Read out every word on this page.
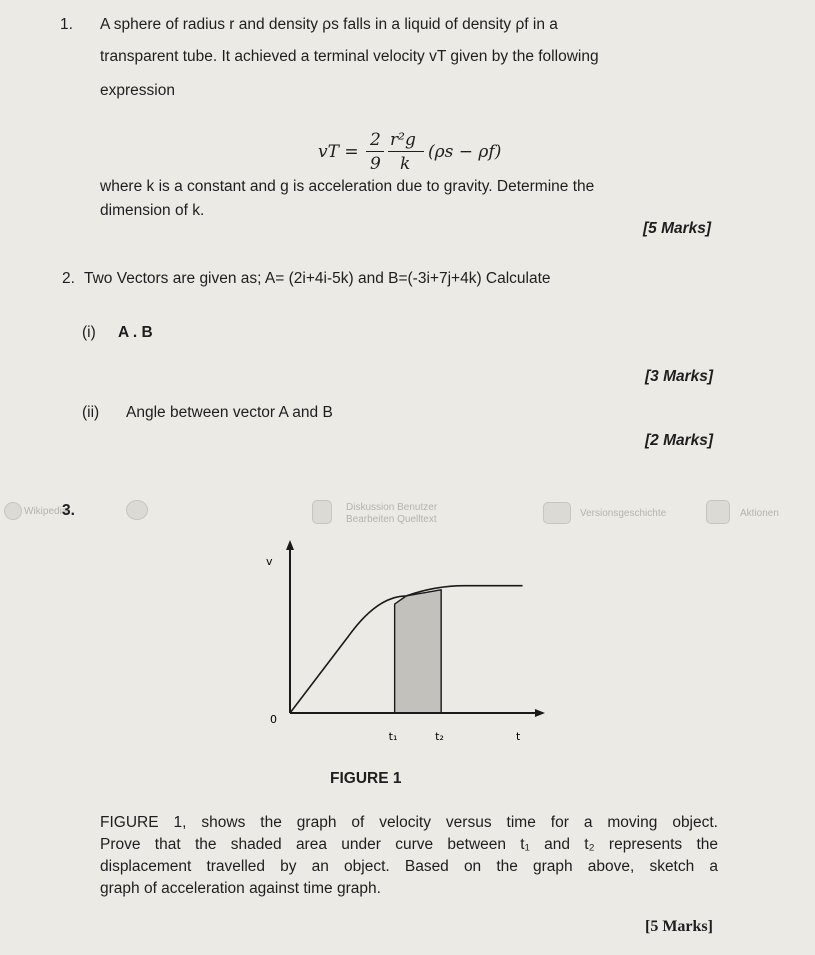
1. A sphere of radius r and density ρs falls in a liquid of density ρf in a
transparent tube. It achieved a terminal velocity vT given by the following
expression
vT =
2
9
r²g
k
(ρs − ρf)
where k is a constant and g is acceleration due to gravity. Determine the
dimension of k.
[5 Marks]
2. Two Vectors are given as; A= (2i+4i-5k) and B=(-3i+7j+4k) Calculate
(i) A . B
[3 Marks]
(ii) Angle between vector A and B
[2 Marks]
Wikipedia	Diskussion Benutzer
Bearbeiten Quelltext
Versionsgeschichte	Aktionen
3.
v
0
t₁	t₂	t
FIGURE 1
FIGURE 1, shows the graph of velocity versus time for a moving object.
Prove that the shaded area under curve between t₁ and t₂ represents the
displacement travelled by an object. Based on the graph above, sketch a
graph of acceleration against time graph.
[5 Marks]
